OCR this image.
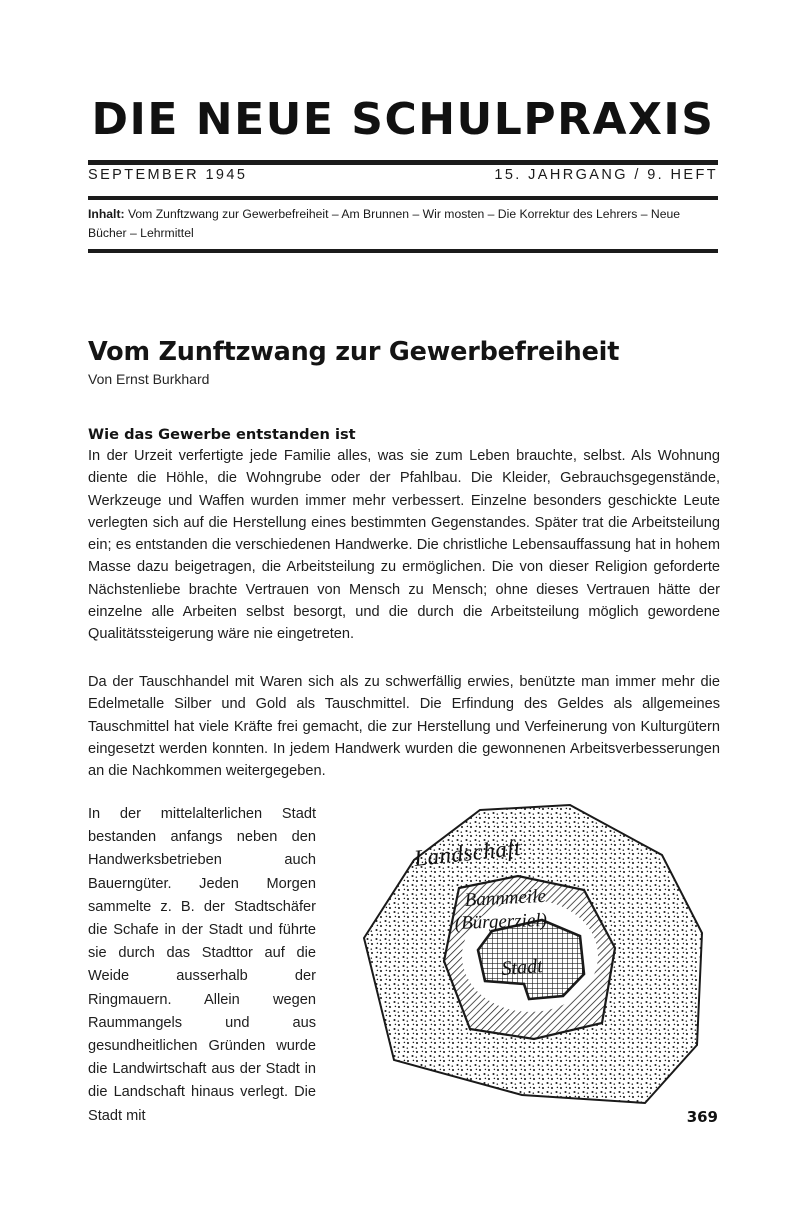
DIE NEUE SCHULPRAXIS
SEPTEMBER 1945	15. JAHRGANG / 9. HEFT
Inhalt: Vom Zunftzwang zur Gewerbefreiheit – Am Brunnen – Wir mosten – Die Korrektur des Lehrers – Neue Bücher – Lehrmittel
Vom Zunftzwang zur Gewerbefreiheit
Von Ernst Burkhard
Wie das Gewerbe entstanden ist

In der Urzeit verfertigte jede Familie alles, was sie zum Leben brauchte, selbst. Als Wohnung diente die Höhle, die Wohngrube oder der Pfahlbau. Die Kleider, Gebrauchsgegenstände, Werkzeuge und Waffen wurden immer mehr verbessert. Einzelne besonders geschickte Leute verlegten sich auf die Herstellung eines bestimmten Gegenstandes. Später trat die Arbeitsteilung ein; es entstanden die verschiedenen Handwerke. Die christliche Lebensauffassung hat in hohem Masse dazu beigetragen, die Arbeitsteilung zu ermöglichen. Die von dieser Religion geforderte Nächstenliebe brachte Vertrauen von Mensch zu Mensch; ohne dieses Vertrauen hätte der einzelne alle Arbeiten selbst besorgt, und die durch die Arbeitsteilung möglich gewordene Qualitätssteigerung wäre nie eingetreten.

Da der Tauschhandel mit Waren sich als zu schwerfällig erwies, benützte man immer mehr die Edelmetalle Silber und Gold als Tauschmittel. Die Erfindung des Geldes als allgemeines Tauschmittel hat viele Kräfte frei gemacht, die zur Herstellung und Verfeinerung von Kulturgütern eingesetzt werden konnten. In jedem Handwerk wurden die gewonnenen Arbeitsverbesserungen an die Nachkommen weitergegeben.

In der mittelalterlichen Stadt bestanden anfangs neben den Handwerksbetrieben auch Bauerngüter. Jeden Morgen sammelte z. B. der Stadtschäfer die Schafe in der Stadt und führte sie durch das Stadttor auf die Weide ausserhalb der Ringmauern. Allein wegen Raummangels und aus gesundheitlichen Gründen wurde die Landwirtschaft aus der Stadt in die Landschaft hinaus verlegt. Die Stadt mit

Landschaft
Bannmeile
(Bürgerziel)
Stadt
369
